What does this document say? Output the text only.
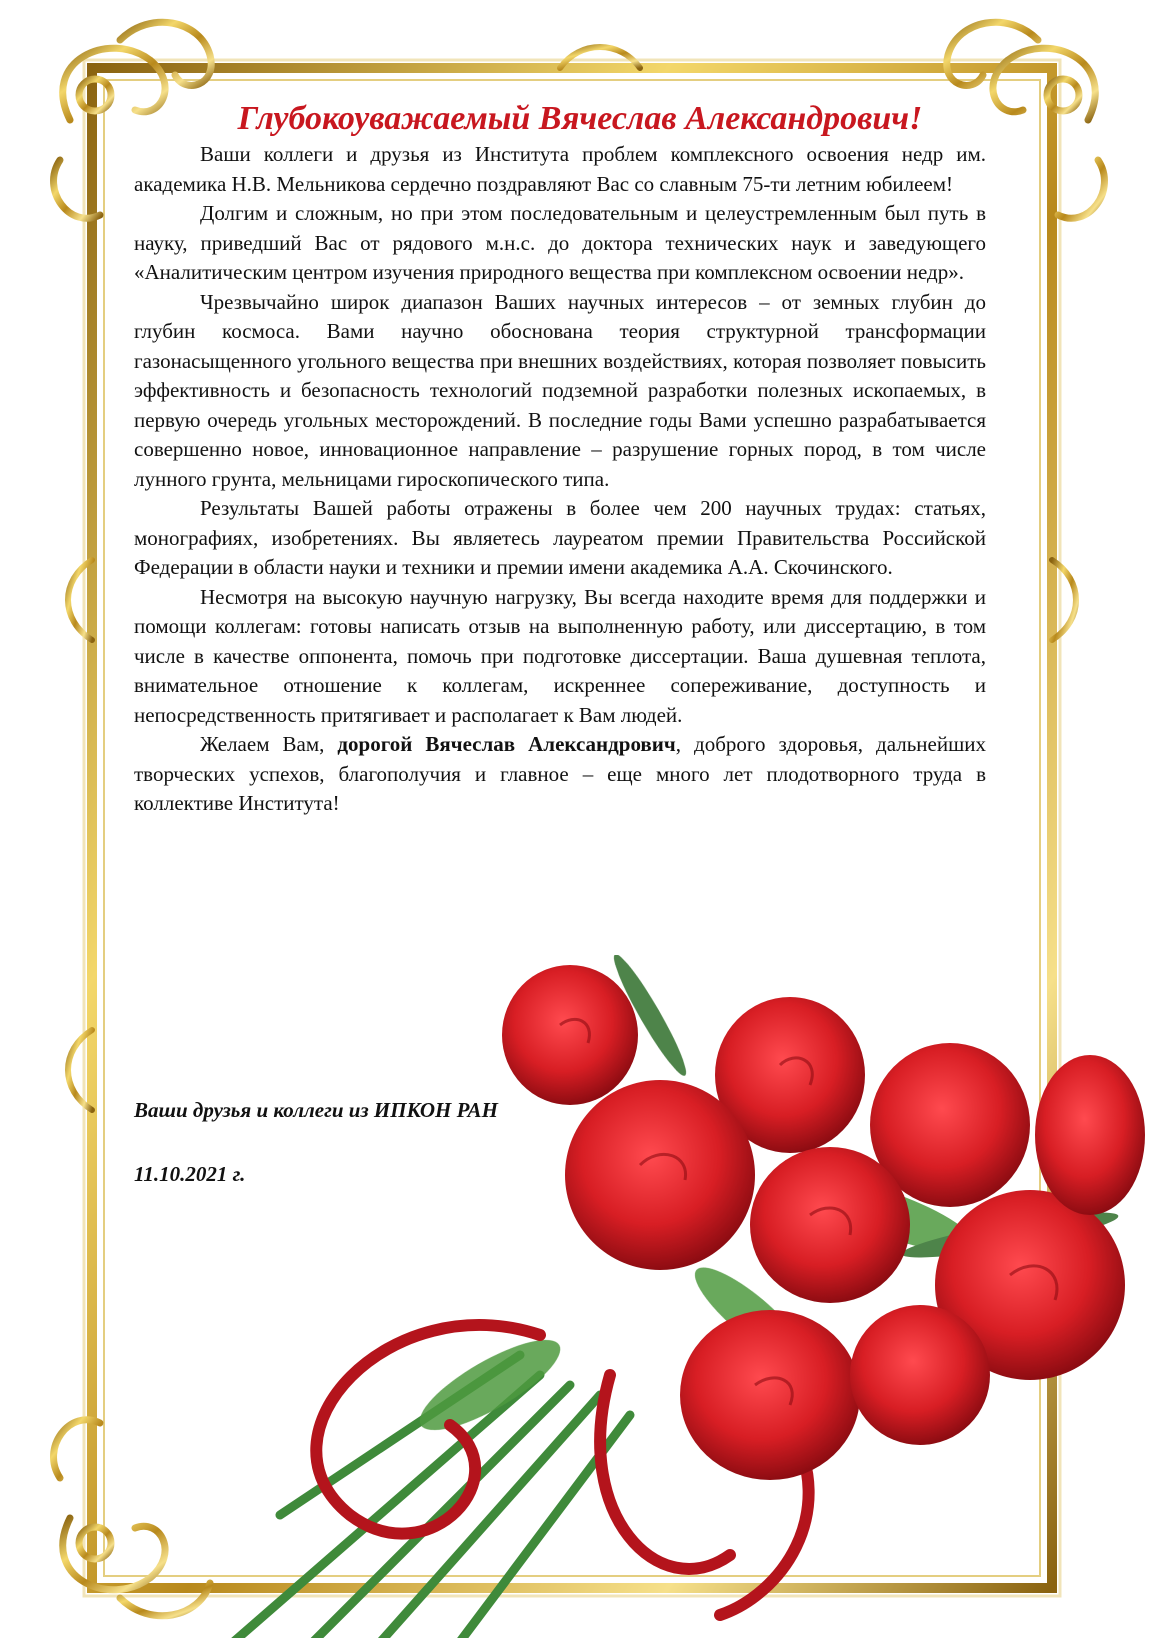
Глубокоуважаемый Вячеслав Александрович!

Ваши коллеги и друзья из Института проблем комплексного освоения недр им. академика Н.В. Мельникова сердечно поздравляют Вас со славным 75-ти летним юбилеем!

Долгим и сложным, но при этом последовательным и целеустремленным был путь в науку, приведший Вас от рядового м.н.с. до доктора технических наук и заведующего «Аналитическим центром изучения природного вещества при комплексном освоении недр».

Чрезвычайно широк диапазон Ваших научных интересов – от земных глубин до глубин космоса. Вами научно обоснована теория структурной трансформации газонасыщенного угольного вещества при внешних воздействиях, которая позволяет повысить эффективность и безопасность технологий подземной разработки полезных ископаемых, в первую очередь угольных месторождений. В последние годы Вами успешно разрабатывается совершенно новое, инновационное направление – разрушение горных пород, в том числе лунного грунта, мельницами гироскопического типа.

Результаты Вашей работы отражены в более чем 200 научных трудах: статьях, монографиях, изобретениях. Вы являетесь лауреатом премии Правительства Российской Федерации в области науки и техники и премии имени академика А.А. Скочинского.

Несмотря на высокую научную нагрузку, Вы всегда находите время для поддержки и помощи коллегам: готовы написать отзыв на выполненную работу, или диссертацию, в том числе в качестве оппонента, помочь при подготовке диссертации. Ваша душевная теплота, внимательное отношение к коллегам, искреннее сопереживание, доступность и непосредственность притягивает и располагает к Вам людей.

Желаем Вам, дорогой Вячеслав Александрович, доброго здоровья, дальнейших творческих успехов, благополучия и главное – еще много лет плодотворного труда в коллективе Института!

Ваши друзья и коллеги из ИПКОН РАН
11.10.2021 г.
